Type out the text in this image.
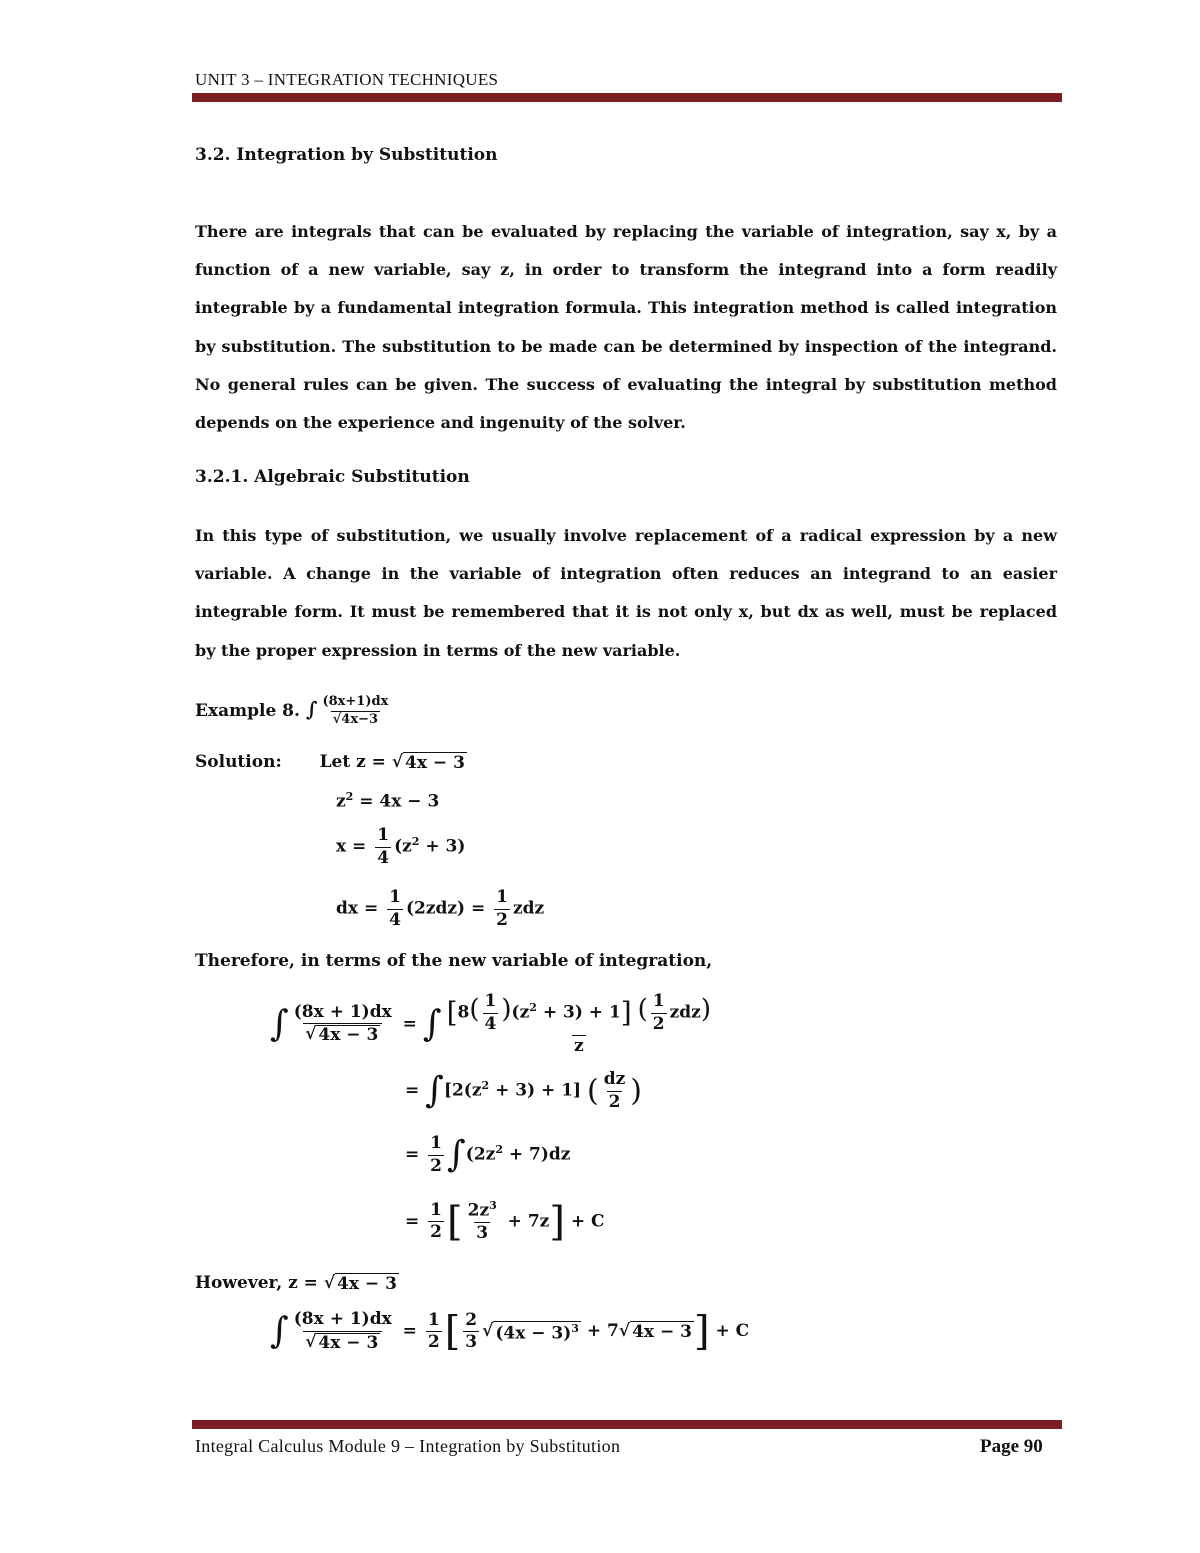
UNIT 3 – INTEGRATION TECHNIQUES
3.2. Integration by Substitution
There are integrals that can be evaluated by replacing the variable of integration, say x, by a function of a new variable, say z, in order to transform the integrand into a form readily integrable by a fundamental integration formula. This integration method is called integration by substitution. The substitution to be made can be determined by inspection of the integrand. No general rules can be given. The success of evaluating the integral by substitution method depends on the experience and ingenuity of the solver.
3.2.1. Algebraic Substitution
In this type of substitution, we usually involve replacement of a radical expression by a new variable. A change in the variable of integration often reduces an integrand to an easier integrable form. It must be remembered that it is not only x, but dx as well, must be replaced by the proper expression in terms of the new variable.
Example 8. ∫ $\frac{(8x+1)dx}{√4x-3}$
Solution: Let z = √ 4x − 3
$z^2 = 4x - 3$
$x = \frac{1}{4} (z^2 + 3)$
dx = $\frac{1}{4} (2zdz) = \frac{1}{2}$ zdz
Therefore, in terms of the new variable of integration,
∫ $\frac{(8x + 1)dx}{√ 4x - 3}$ = ∫ $\frac{[8( \frac{1}{4} )(z^2 + 3) + 1] ( \frac{1}{2} zdz)}{z}$
= $\int[2(z^2 + 3) + 1]$ ( $\frac{dz}{2}$ )
= $\frac{1}{2} \int(2z^2 + 7)dz$
= $\frac{1}{2}$ [ $\frac{2z^3}{3} + 7z] + C$
However, z = √ 4x − 3
∫ $\frac{(8x + 1)dx}{√ 4x - 3} = \frac{1}{2}$ [ $\frac{2}{3}$ √ $(4x - 3)^3 + 7$ √ 4x − 3 ] + C
Integral Calculus Module 9 – Integration by Substitution	Page 90
